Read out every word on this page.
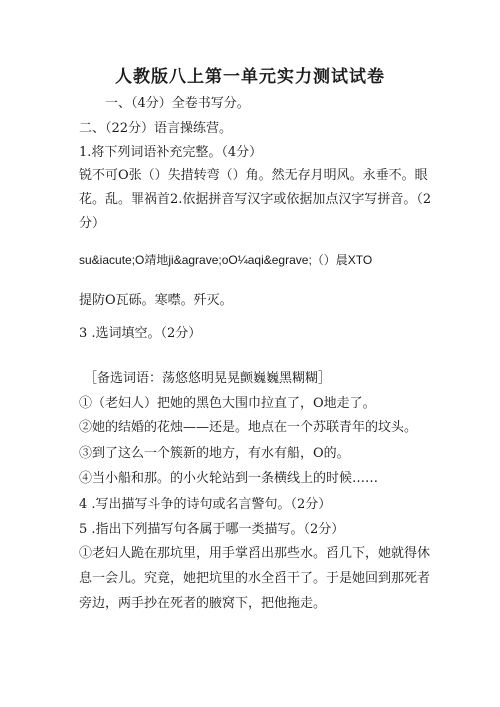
人教版八上第一单元实力测试试卷
一、（4分）全卷书写分。
二、（22分）语言操练营。
1.将下列词语补充完整。（4分）
锐不可O张（）失措转弯（）角。然无存月明风。永垂不。眼
花。乱。罪祸首2.依据拼音写汉字或依据加点汉字写拼音。（2
分）
su&iacute;O靖地ji&agrave;oO¼aqi&egrave;（）晨XTO
提防O瓦砾。寒噤。歼灭。
3 .选词填空。（2分）
［备选词语：荡悠悠明晃晃颤巍巍黑糊糊］
①（老妇人）把她的黑色大围巾拉直了，O地走了。
②她的结婚的花烛——还是。地点在一个苏联青年的坟头。
③到了这么一个簇新的地方，有水有船，O的。
④当小船和那。的小火轮站到一条横线上的时候……
4 .写出描写斗争的诗句或名言警句。（2分）
5 .指出下列描写句各属于哪一类描写。（2分）
①老妇人跪在那坑里，用手掌舀出那些水。舀几下，她就得休
息一会儿。究竟，她把坑里的水全舀干了。于是她回到那死者
旁边，两手抄在死者的腋窝下，把他拖走。
